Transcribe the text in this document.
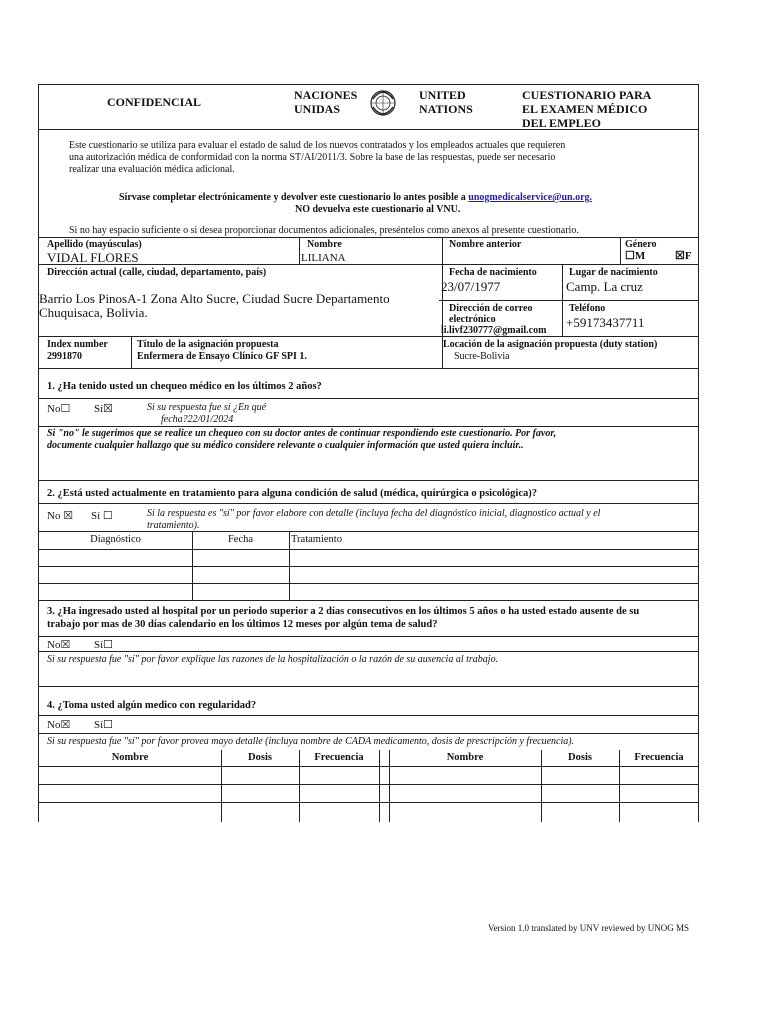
CONFIDENCIAL	NACIONES
UNIDAS
UNITED
NATIONS
CUESTIONARIO PARA
EL EXAMEN MÉDICO
DEL EMPLEO
Este cuestionario se utiliza para evaluar el estado de salud de los nuevos contratados y los empleados actuales que requieren
una autorización médica de conformidad con la norma ST/AI/2011/3. Sobre la base de las respuestas, puede ser necesario
realizar una evaluación médica adicional.
Sírvase completar electrónicamente y devolver este cuestionario lo antes posible a unogmedicalservice@un.org.
NO devuelva este cuestionario al VNU.
Si no hay espacio suficiente o si desea proporcionar documentos adicionales, preséntelos como anexos al presente cuestionario.
Apellido (mayúsculas)
VIDAL FLORES
Nombre
LILIANA
Nombre anterior	Género
☐M	☒F
Dirección actual (calle, ciudad, departamento, país)
Barrio Los PinosA-1 Zona Alto Sucre, Ciudad Sucre Departamento
Chuquisaca, Bolivia.
Fecha de nacimiento
23/07/1977
Lugar de nacimiento
Camp. La cruz
Dirección de correo
electrónico
li.livf230777@gmail.com
Teléfono
+59173437711
Index number
2991870
Título de la asignación propuesta
Enfermera de Ensayo Clínico GF SPI 1.
Locación de la asignación propuesta (duty station)
Sucre-Bolivia
1. ¿Ha tenido usted un chequeo médico en los últimos 2 años?
No☐ Sí☒	Si su respuesta fue sí ¿En qué
fecha?22/01/2024
Si "no" le sugerimos que se realice un chequeo con su doctor antes de continuar respondiendo este cuestionario. Por favor,
documente cualquier hallazgo que su médico considere relevante o cualquier información que usted quiera incluir..
2. ¿Está usted actualmente en tratamiento para alguna condición de salud (médica, quirúrgica o psicológica)?
No ☒ Sí ☐	Si la respuesta es "sí" por favor elabore con detalle (incluya fecha del diagnóstico inicial, diagnostico actual y el
tratamiento).
Diagnóstico	Fecha	Tratamiento
3. ¿Ha ingresado usted al hospital por un periodo superior a 2 días consecutivos en los últimos 5 años o ha usted estado ausente de su
trabajo por mas de 30 días calendario en los últimos 12 meses por algún tema de salud?
No☒ Sí☐
Si su respuesta fue "sí" por favor explique las razones de la hospitalización o la razón de su ausencia al trabajo.
4. ¿Toma usted algún medico con regularidad?
No☒ Sí☐
Si su respuesta fue "sí" por favor provea mayo detalle (incluya nombre de CADA medicamento, dosis de prescripción y frecuencia).
Nombre	Dosis	Frecuencia	Nombre	Dosis	Frecuencia
Version 1.0 translated by UNV reviewed by UNOG MS
